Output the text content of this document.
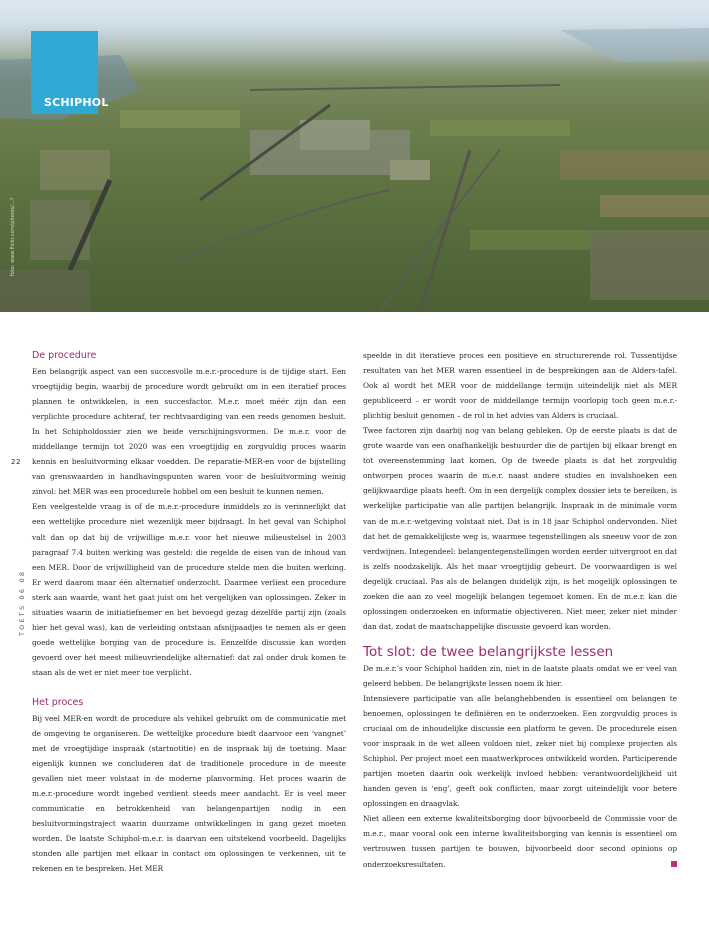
foto: www.flickr.com/photos/...?
SCHIPHOL
22
TOETS 06 08
De procedure

Een belangrijk aspect van een succesvolle m.e.r.-procedure is de tijdige start. Een vroegtijdig begin, waarbij de procedure wordt gebruikt om in een iteratief proces plannen te ontwikkelen, is een succesfactor. M.e.r. moet méér zijn dan een verplichte procedure achteraf, ter rechtvaardiging van een reeds genomen besluit. In het Schipholdossier zien we beide verschijningsvormen. De m.e.r. voor de middellange termijn tot 2020 was een vroegtijdig en zorgvuldig proces waarin kennis en besluitvorming elkaar voedden. De reparatie-MER-en voor de bijstelling van grenswaarden in handhavingspunten waren voor de besluitvorming weinig zinvol: het MER was een procedurele hobbel om een besluit te kunnen nemen.

Een veelgestelde vraag is of de m.e.r.-procedure inmiddels zo is verinnerlijkt dat een wettelijke procedure niet wezenlijk meer bijdraagt. In het geval van Schiphol valt dan op dat bij de vrijwillige m.e.r. voor het nieuwe milieustelsel in 2003 paragraaf 7.4 buiten werking was gesteld: die regelde de eisen van de inhoud van een MER. Door de vrijwilligheid van de procedure stelde men die buiten werking. Er werd daarom maar één alternatief onderzocht. Daarmee verliest een procedure sterk aan waarde, want het gaat juist om het vergelijken van oplossingen. Zeker in situaties waarin de initiatiefnemer en het bevoegd gezag dezelfde partij zijn (zoals hier het geval was), kan de verleiding ontstaan afsnijpaadjes te nemen als er geen goede wettelijke borging van de procedure is. Eenzelfde discussie kan worden gevoerd over het meest milieuvriendelijke alternatief: dat zal onder druk komen te staan als de wet er niet meer toe verplicht.

Het proces

Bij veel MER-en wordt de procedure als vehikel gebruikt om de communicatie met de omgeving te organiseren. De wettelijke procedure biedt daarvoor een ‘vangnet’ met de vroegtijdige inspraak (startnotitie) en de inspraak bij de toetsing. Maar eigenlijk kunnen we concluderen dat de traditionele procedure in de meeste gevallen niet meer volstaat in de moderne planvorming. Het proces waarin de m.e.r.-procedure wordt ingebed verdient steeds meer aandacht. Er is veel meer communicatie en betrokkenheid van belangenpartijen nodig in een besluitvormingstraject waarin duurzame ontwikkelingen in gang gezet moeten worden. De laatste Schiphol-m.e.r. is daarvan een uitstekend voorbeeld. Dagelijks stonden alle partijen met elkaar in contact om oplossingen te verkennen, uit te rekenen en te bespreken. Het MER

speelde in dit iteratieve proces een positieve en structurerende rol. Tussentijdse resultaten van het MER waren essentieel in de besprekingen aan de Alders-tafel. Ook al wordt het MER voor de middellange termijn uiteindelijk niet als MER gepubliceerd – er wordt voor de middellange termijn voorlopig toch geen m.e.r.-plichtig besluit genomen – de rol in het advies van Alders is cruciaal.

Twee factoren zijn daarbij nog van belang gebleken. Op de eerste plaats is dat de grote waarde van een onafhankelijk bestuurder die de partijen bij elkaar brengt en tot overeenstemming laat komen. Op de tweede plaats is dat het zorgvuldig ontworpen proces waarin de m.e.r. naast andere studies en invalshoeken een gelijkwaardige plaats heeft. Om in een dergelijk complex dossier iets te bereiken, is werkelijke participatie van alle partijen belangrijk. Inspraak in de minimale vorm van de m.e.r.-wetgeving volstaat niet. Dat is in 18 jaar Schiphol ondervonden. Niet dat het de gemakkelijkste weg is, waarmee tegenstellingen als sneeuw voor de zon verdwijnen. Integendeel: belangentegenstellingen worden eerder uitvergroot en dat is zelfs noodzakelijk. Als het maar vroegtijdig gebeurt. De voorwaardigen is wel degelijk cruciaal. Pas als de belangen duidelijk zijn, is het mogelijk oplossingen te zoeken die aan zo veel mogelijk belangen tegemoet komen. En de m.e.r. kan die oplossingen onderzoeken en informatie objectiveren. Niet meer, zeker niet minder dan dat, zodat de maatschappelijke discussie gevoerd kan worden.

Tot slot: de twee belangrijkste lessen

De m.e.r.’s voor Schiphol hadden zin, niet in de laatste plaats omdat we er veel van geleerd hebben. De belangrijkste lessen noem ik hier.

Intensievere participatie van alle belanghebbenden is essentieel om belangen te benoemen, oplossingen te definiëren en te onderzoeken. Een zorgvuldig proces is cruciaal om de inhoudelijke discussie een platform te geven. De procedurele eisen voor inspraak in de wet alleen voldoen niet, zeker niet bij complexe projecten als Schiphol. Per project moet een maatwerkproces ontwikkeld worden. Participerende partijen moeten daarin ook werkelijk invloed hebben: verantwoordelijkheid uit handen geven is ‘eng’, geeft ook conflicten, maar zorgt uiteindelijk voor betere oplossingen en draagvlak.

Niet alleen een externe kwaliteitsborging door bijvoorbeeld de Commissie voor de m.e.r., maar vooral ook een interne kwaliteitsborging van kennis is essentieel om vertrouwen tussen partijen te bouwen, bijvoorbeeld door second opinions op onderzoeksresultaten.
